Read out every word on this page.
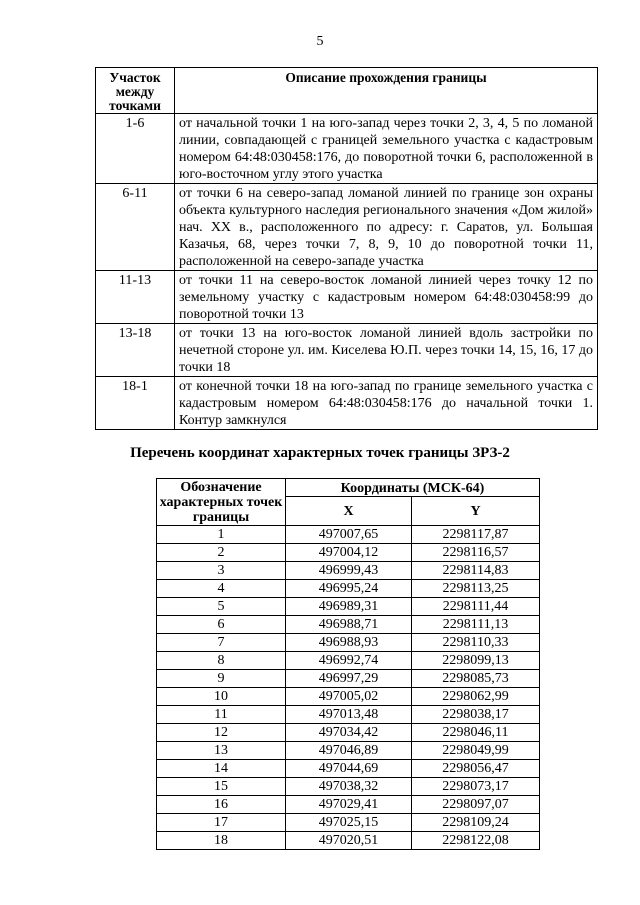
5
Участок между точками	Описание прохождения границы
1-6	от начальной точки 1 на юго-запад через точки 2, 3, 4, 5 по ломаной линии, совпадающей с границей земельного участка с кадастровым номером 64:48:030458:176, до поворотной точки 6, расположенной в юго-восточном углу этого участка
6-11	от точки 6 на северо-запад ломаной линией по границе зон охраны объекта культурного наследия регионального значения «Дом жилой» нач. XX в., расположенного по адресу: г. Саратов, ул. Большая Казачья, 68, через точки 7, 8, 9, 10 до поворотной точки 11, расположенной на северо-западе участка
11-13	от точки 11 на северо-восток ломаной линией через точку 12 по земельному участку с кадастровым номером 64:48:030458:99 до поворотной точки 13
13-18	от точки 13 на юго-восток ломаной линией вдоль застройки по нечетной стороне ул. им. Киселева Ю.П. через точки 14, 15, 16, 17 до точки 18
18-1	от конечной точки 18 на юго-запад по границе земельного участка с кадастровым номером 64:48:030458:176 до начальной точки 1. Контур замкнулся
Перечень координат характерных точек границы ЗРЗ-2
Обозначение характерных точек границы	Координаты (МСК-64)	
	X	Y
1	497007,65	2298117,87
2	497004,12	2298116,57
3	496999,43	2298114,83
4	496995,24	2298113,25
5	496989,31	2298111,44
6	496988,71	2298111,13
7	496988,93	2298110,33
8	496992,74	2298099,13
9	496997,29	2298085,73
10	497005,02	2298062,99
11	497013,48	2298038,17
12	497034,42	2298046,11
13	497046,89	2298049,99
14	497044,69	2298056,47
15	497038,32	2298073,17
16	497029,41	2298097,07
17	497025,15	2298109,24
18	497020,51	2298122,08
